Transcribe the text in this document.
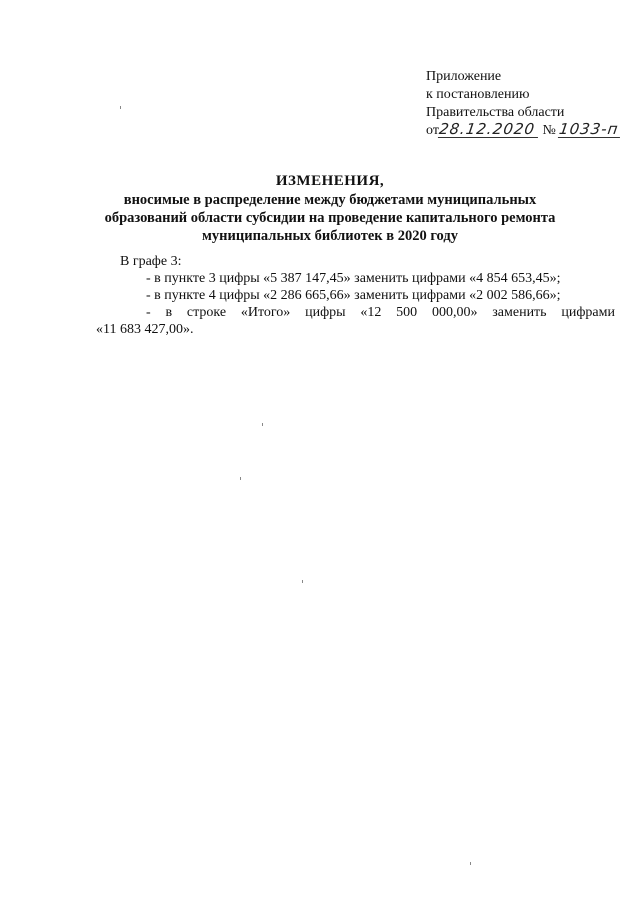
Приложение
к постановлению
Правительства области
от28.12.2020 № 1033-п
ИЗМЕНЕНИЯ,
вносимые в распределение между бюджетами муниципальных
образований области субсидии на проведение капитального ремонта
муниципальных библиотек в 2020 году
В графе 3:
- в пункте 3 цифры «5 387 147,45» заменить цифрами «4 854 653,45»;
- в пункте 4 цифры «2 286 665,66» заменить цифрами «2 002 586,66»;
- в строке «Итого» цифры «12 500 000,00» заменить цифрами
«11 683 427,00».
